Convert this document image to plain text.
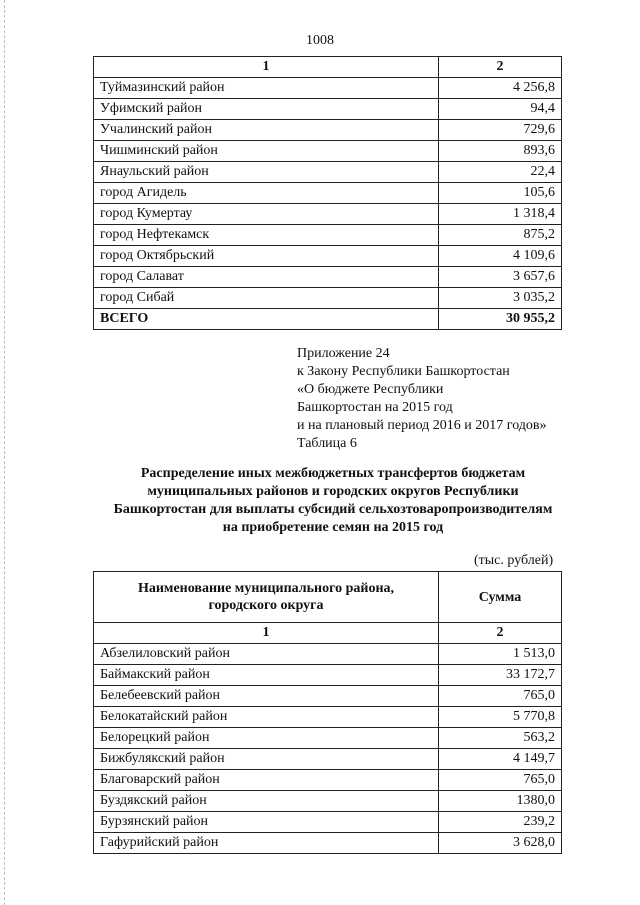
1008
1	2
Туймазинский район	4 256,8
Уфимский район	94,4
Учалинский район	729,6
Чишминский район	893,6
Янаульский район	22,4
город Агидель	105,6
город Кумертау	1 318,4
город Нефтекамск	875,2
город Октябрьский	4 109,6
город Салават	3 657,6
город Сибай	3 035,2
ВСЕГО	30 955,2
Приложение 24
к Закону Республики Башкортостан
«О бюджете Республики
Башкортостан на 2015 год
и на плановый период 2016 и 2017 годов»
Таблица 6
Распределение иных межбюджетных трансфертов бюджетам
муниципальных районов и городских округов Республики
Башкортостан для выплаты субсидий сельхозтоваропроизводителям
на приобретение семян на 2015 год
(тыс. рублей)
Наименование муниципального района,
городского округа	Сумма
1	2
Абзелиловский район	1 513,0
Баймакский район	33 172,7
Белебеевский район	765,0
Белокатайский район	5 770,8
Белорецкий район	563,2
Бижбулякский район	4 149,7
Благоварский район	765,0
Буздякский район	1380,0
Бурзянский район	239,2
Гафурийский район	3 628,0
